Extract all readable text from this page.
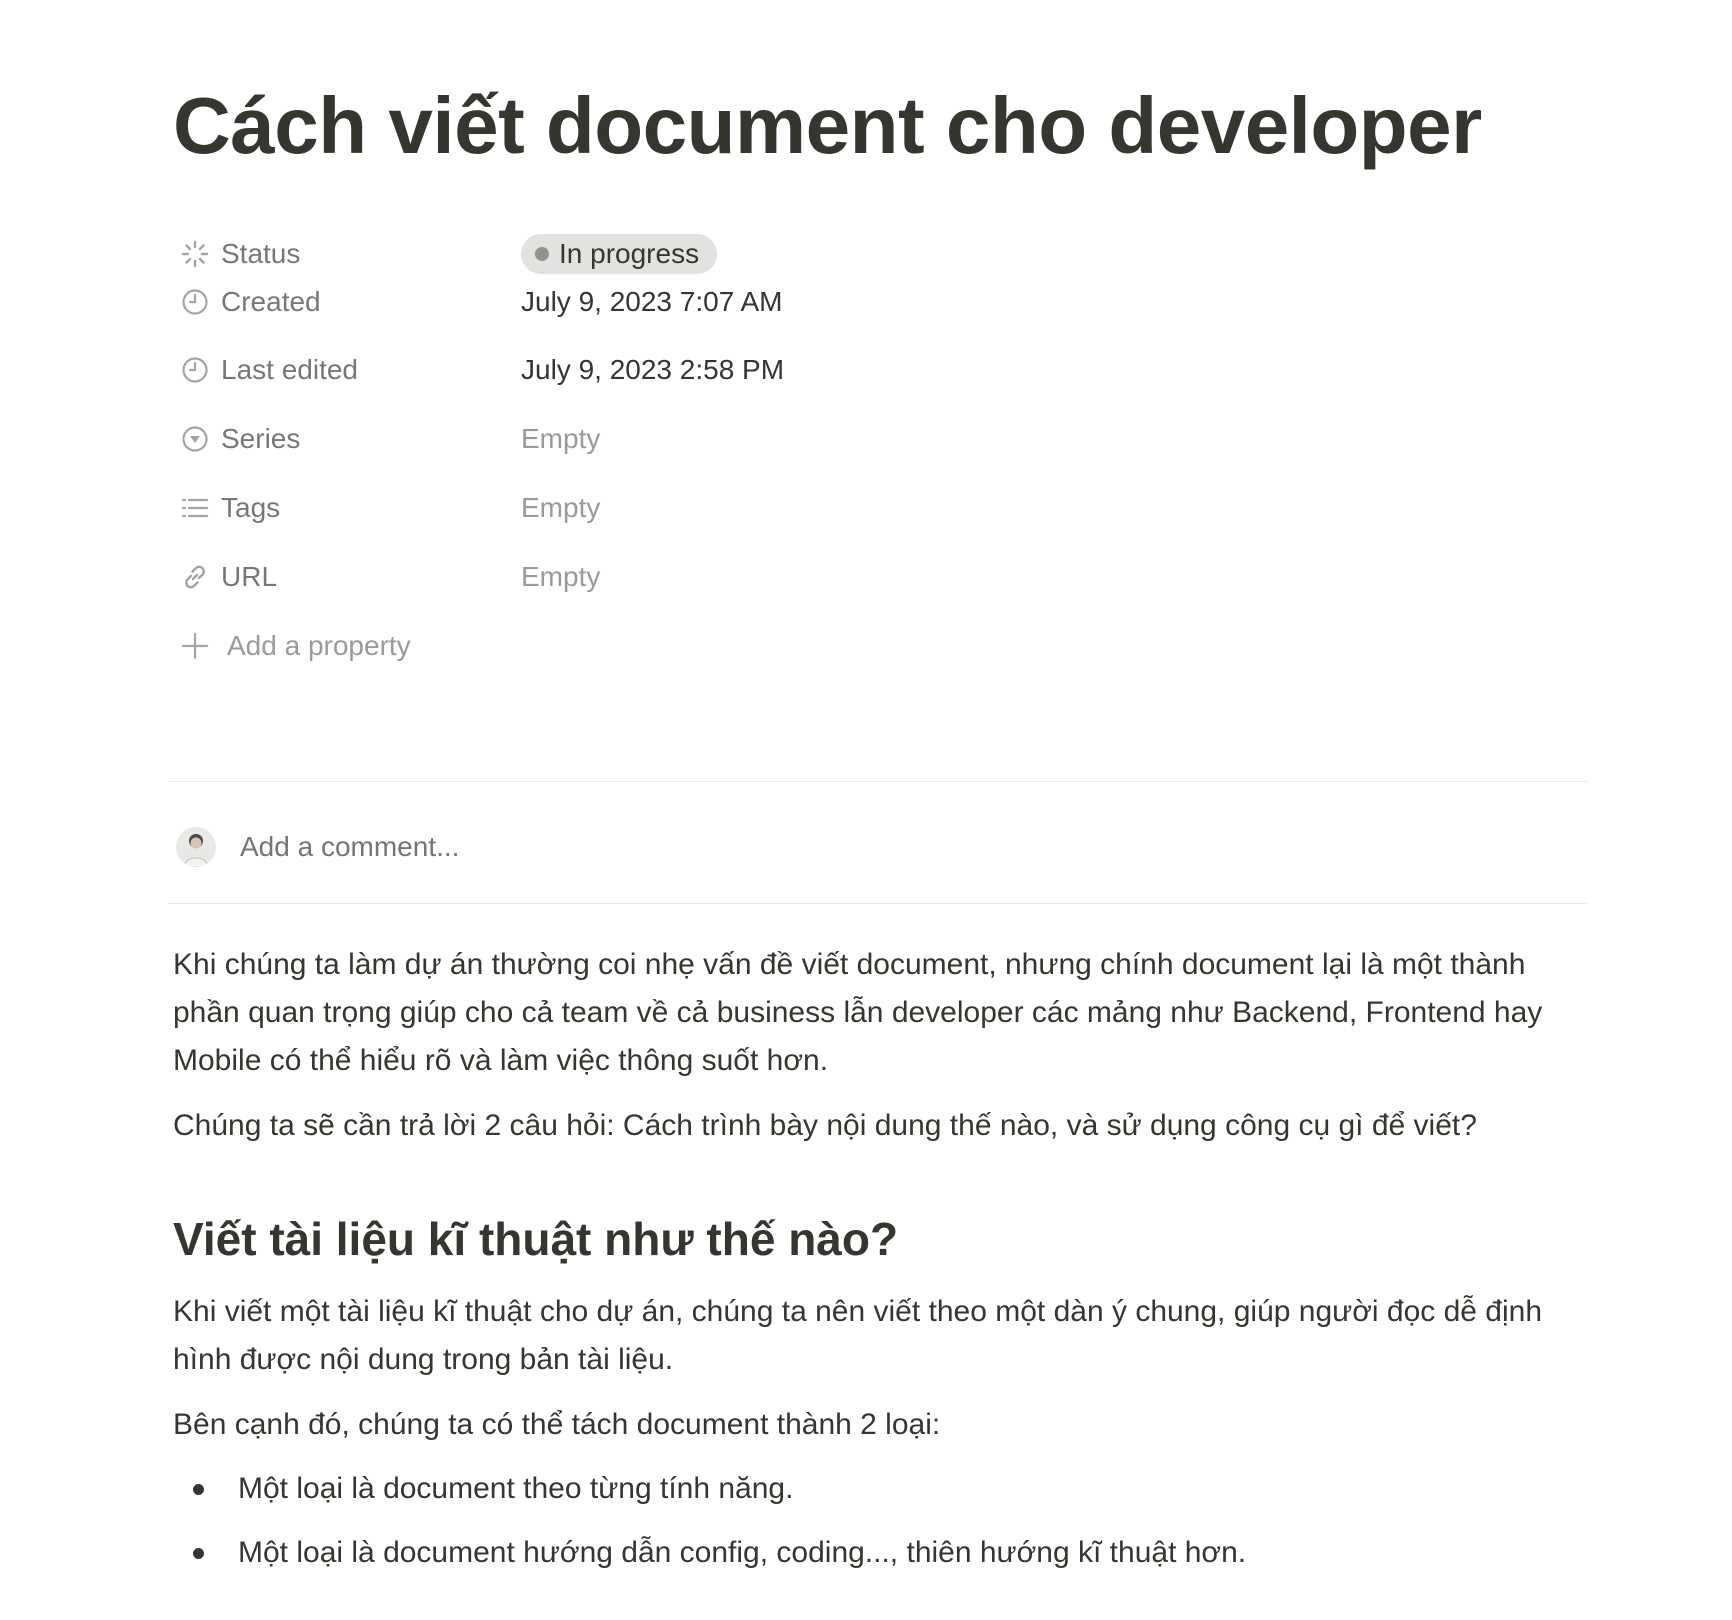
Cách viết document cho developer
Status	In progress
Created	July 9, 2023 7:07 AM
Last edited	July 9, 2023 2:58 PM
Series	Empty
Tags	Empty
URL	Empty
Add a property
Add a comment...
Khi chúng ta làm dự án thường coi nhẹ vấn đề viết document, nhưng chính document lại là một thành phần quan trọng giúp cho cả team về cả business lẫn developer các mảng như Backend, Frontend hay Mobile có thể hiểu rõ và làm việc thông suốt hơn.
Chúng ta sẽ cần trả lời 2 câu hỏi: Cách trình bày nội dung thế nào, và sử dụng công cụ gì để viết?
Viết tài liệu kĩ thuật như thế nào?
Khi viết một tài liệu kĩ thuật cho dự án, chúng ta nên viết theo một dàn ý chung, giúp người đọc dễ định hình được nội dung trong bản tài liệu.
Bên cạnh đó, chúng ta có thể tách document thành 2 loại:
Một loại là document theo từng tính năng.
Một loại là document hướng dẫn config, coding..., thiên hướng kĩ thuật hơn.
